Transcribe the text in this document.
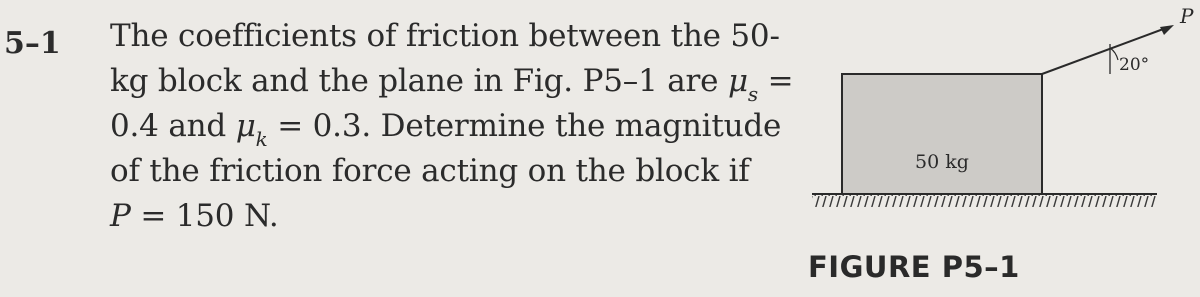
5–1 The coefficients of friction between the 50-
kg block and the plane in Fig. P5–1 are $\mu_s$ =
0.4 and $\mu_k = 0.3$. Determine the magnitude
of the friction force acting on the block if
P = 150 N.
50 kg
P
20°
FIGURE P5–1
